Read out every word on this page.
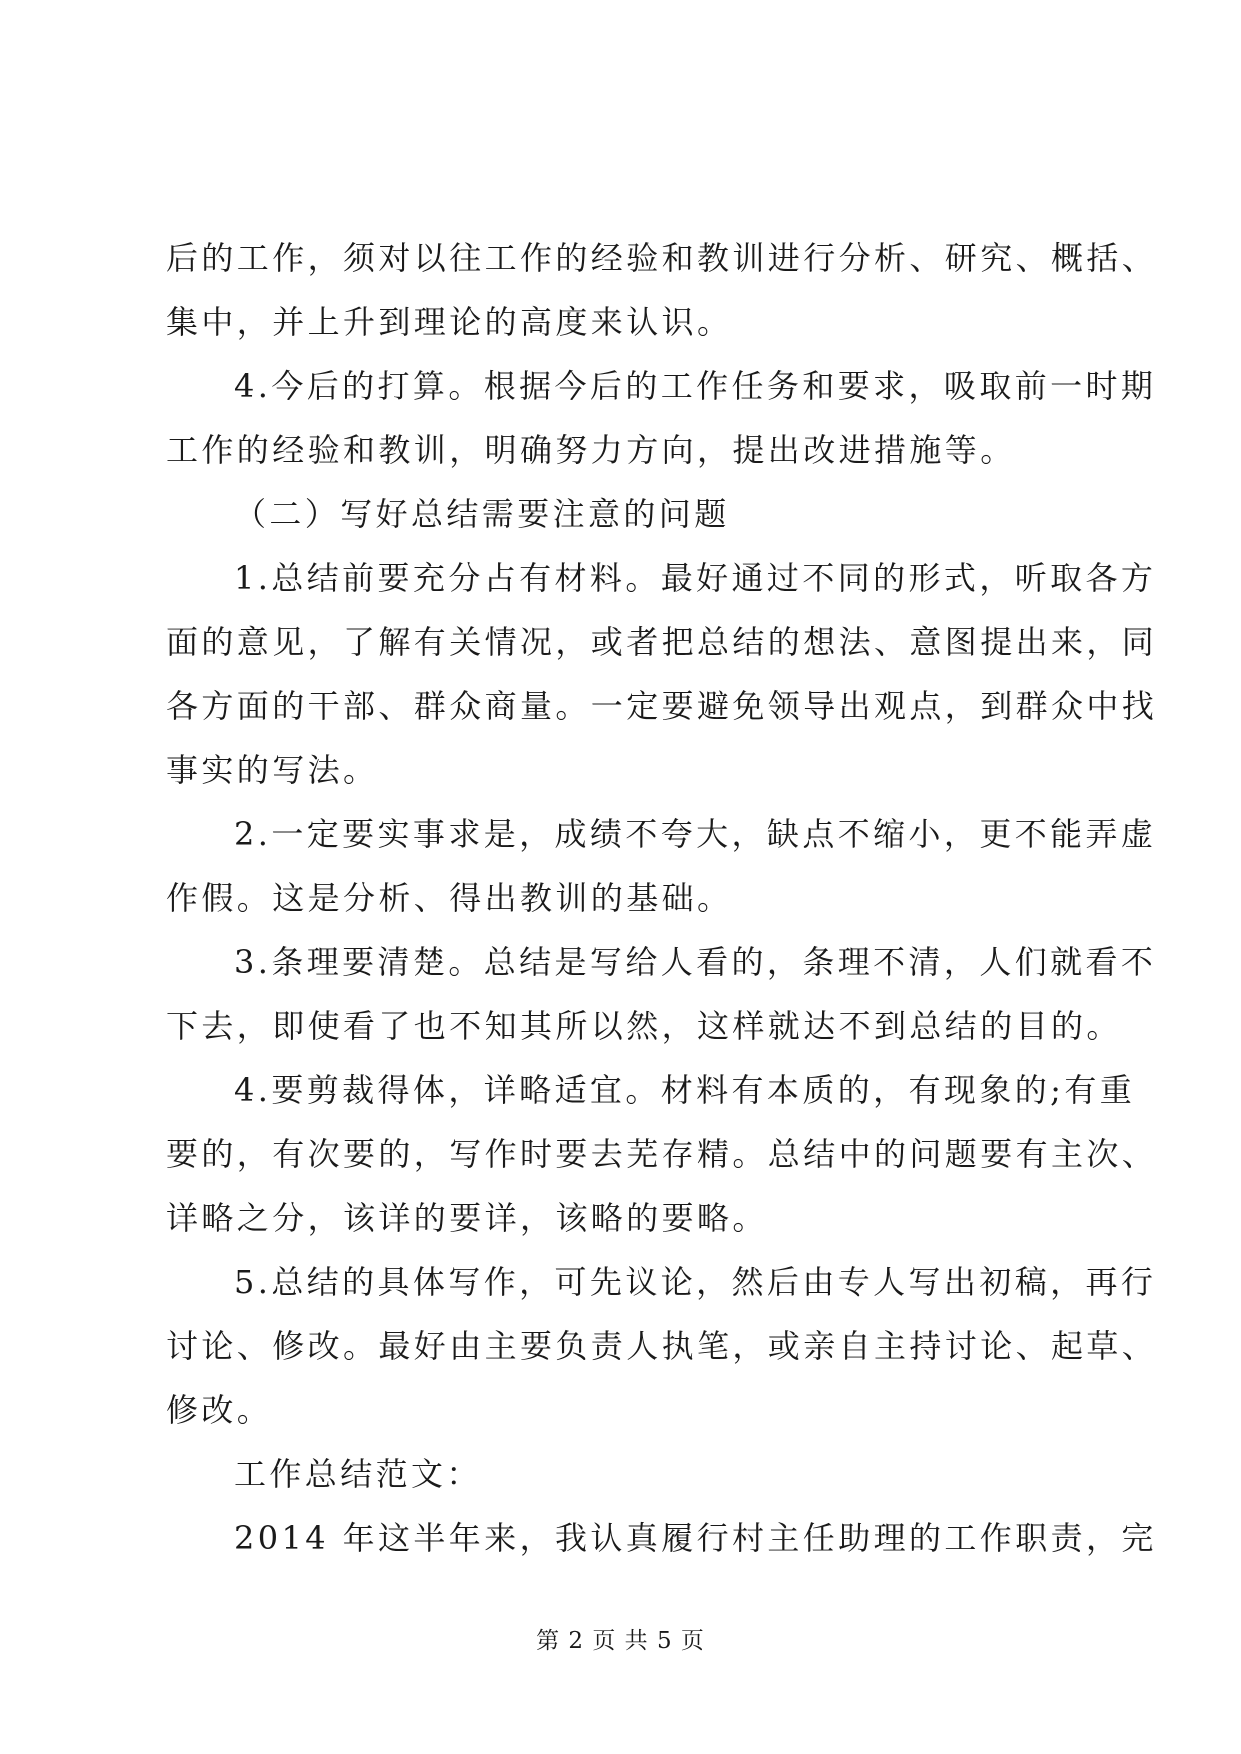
后的工作，须对以往工作的经验和教训进行分析、研究、概括、
集中，并上升到理论的高度来认识。
4.今后的打算。根据今后的工作任务和要求，吸取前一时期
工作的经验和教训，明确努力方向，提出改进措施等。
（二）写好总结需要注意的问题
1.总结前要充分占有材料。最好通过不同的形式，听取各方
面的意见，了解有关情况，或者把总结的想法、意图提出来，同
各方面的干部、群众商量。一定要避免领导出观点，到群众中找
事实的写法。
2.一定要实事求是，成绩不夸大，缺点不缩小，更不能弄虚
作假。这是分析、得出教训的基础。
3.条理要清楚。总结是写给人看的，条理不清，人们就看不
下去，即使看了也不知其所以然，这样就达不到总结的目的。
4.要剪裁得体，详略适宜。材料有本质的，有现象的;有重
要的，有次要的，写作时要去芜存精。总结中的问题要有主次、
详略之分，该详的要详，该略的要略。
5.总结的具体写作，可先议论，然后由专人写出初稿，再行
讨论、修改。最好由主要负责人执笔，或亲自主持讨论、起草、
修改。
工作总结范文：
2014 年这半年来，我认真履行村主任助理的工作职责，完
第 2 页 共 5 页
